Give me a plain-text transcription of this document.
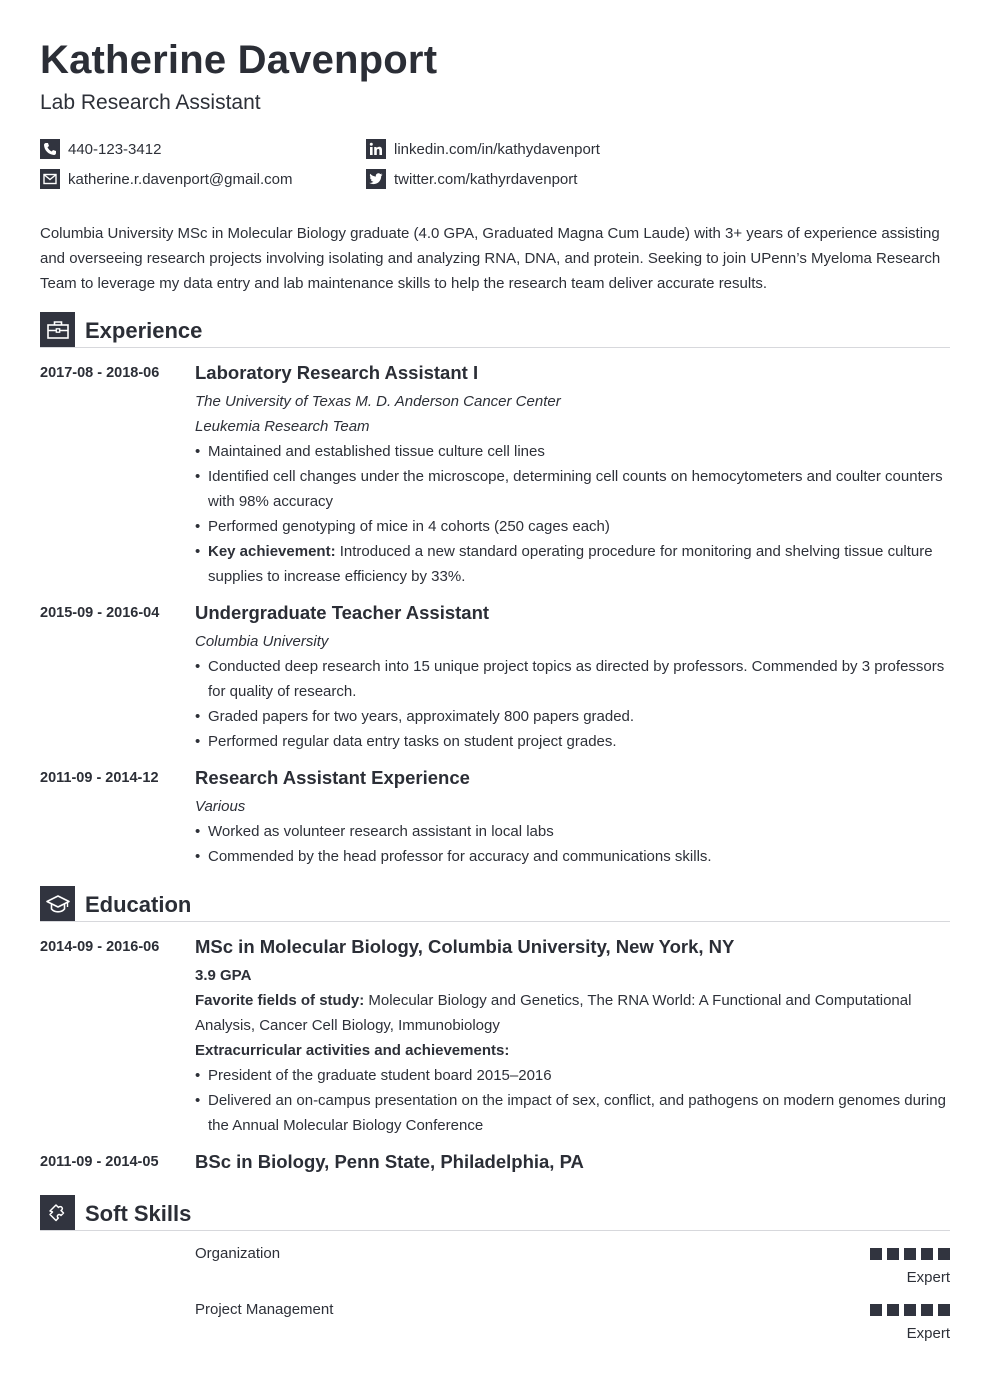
Katherine Davenport
Lab Research Assistant
440-123-3412
katherine.r.davenport@gmail.com
linkedin.com/in/kathydavenport
twitter.com/kathyrdavenport
Columbia University MSc in Molecular Biology graduate (4.0 GPA, Graduated Magna Cum Laude) with 3+ years of experience assisting and overseeing research projects involving isolating and analyzing RNA, DNA, and protein. Seeking to join UPenn’s Myeloma Research Team to leverage my data entry and lab maintenance skills to help the research team deliver accurate results.
Experience
2017-08 - 2018-06 Laboratory Research Assistant I
The University of Texas M. D. Anderson Cancer Center
Leukemia Research Team
• Maintained and established tissue culture cell lines
• Identified cell changes under the microscope, determining cell counts on hemocytometers and coulter counters with 98% accuracy
• Performed genotyping of mice in 4 cohorts (250 cages each)
• Key achievement: Introduced a new standard operating procedure for monitoring and shelving tissue culture supplies to increase efficiency by 33%.
2015-09 - 2016-04 Undergraduate Teacher Assistant
Columbia University
• Conducted deep research into 15 unique project topics as directed by professors. Commended by 3 professors for quality of research.
• Graded papers for two years, approximately 800 papers graded.
• Performed regular data entry tasks on student project grades.
2011-09 - 2014-12 Research Assistant Experience
Various
• Worked as volunteer research assistant in local labs
• Commended by the head professor for accuracy and communications skills.
Education
2014-09 - 2016-06 MSc in Molecular Biology, Columbia University, New York, NY
3.9 GPA
Favorite fields of study: Molecular Biology and Genetics, The RNA World: A Functional and Computational Analysis, Cancer Cell Biology, Immunobiology
Extracurricular activities and achievements:
• President of the graduate student board 2015–2016
• Delivered an on-campus presentation on the impact of sex, conflict, and pathogens on modern genomes during the Annual Molecular Biology Conference
2011-09 - 2014-05 BSc in Biology, Penn State, Philadelphia, PA
Soft Skills
Organization
Expert
Project Management
Expert
